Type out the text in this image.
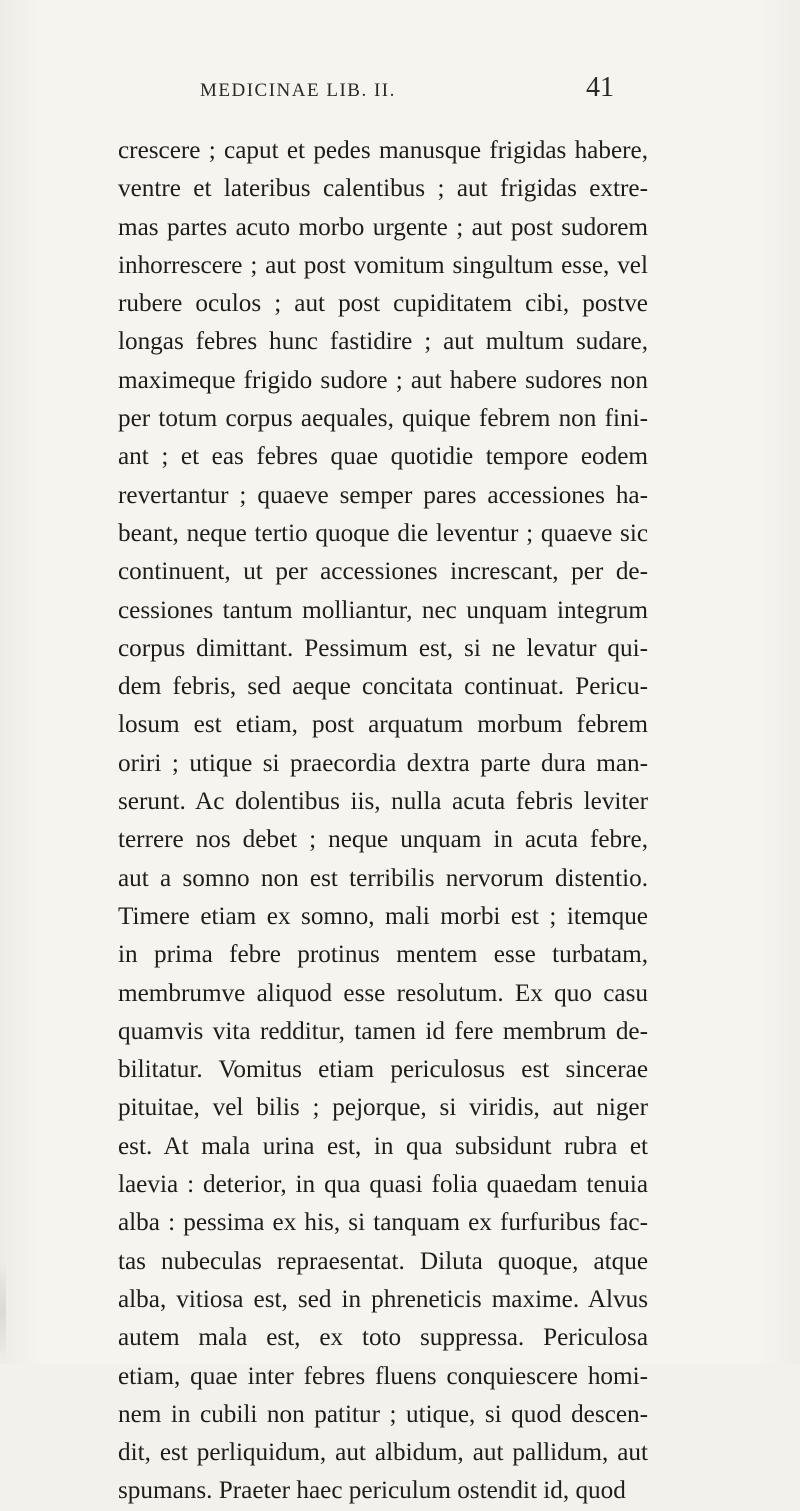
MEDICINAE LIB. II.	41
crescere ; caput et pedes manusque frigidas habere,
ventre et lateribus calentibus ; aut frigidas extre-
mas partes acuto morbo urgente ; aut post sudorem
inhorrescere ; aut post vomitum singultum esse, vel
rubere oculos ; aut post cupiditatem cibi, postve
longas febres hunc fastidire ; aut multum sudare,
maximeque frigido sudore ; aut habere sudores non
per totum corpus aequales, quique febrem non fini-
ant ; et eas febres quae quotidie tempore eodem
revertantur ; quaeve semper pares accessiones ha-
beant, neque tertio quoque die leventur ; quaeve sic
continuent, ut per accessiones increscant, per de-
cessiones tantum molliantur, nec unquam integrum
corpus dimittant. Pessimum est, si ne levatur qui-
dem febris, sed aeque concitata continuat. Pericu-
losum est etiam, post arquatum morbum febrem
oriri ; utique si praecordia dextra parte dura man-
serunt. Ac dolentibus iis, nulla acuta febris leviter
terrere nos debet ; neque unquam in acuta febre,
aut a somno non est terribilis nervorum distentio.
Timere etiam ex somno, mali morbi est ; itemque
in prima febre protinus mentem esse turbatam,
membrumve aliquod esse resolutum. Ex quo casu
quamvis vita redditur, tamen id fere membrum de-
bilitatur. Vomitus etiam periculosus est sincerae
pituitae, vel bilis ; pejorque, si viridis, aut niger
est. At mala urina est, in qua subsidunt rubra et
laevia : deterior, in qua quasi folia quaedam tenuia
alba : pessima ex his, si tanquam ex furfuribus fac-
tas nubeculas repraesentat. Diluta quoque, atque
alba, vitiosa est, sed in phreneticis maxime. Alvus
autem mala est, ex toto suppressa. Periculosa
etiam, quae inter febres fluens conquiescere homi-
nem in cubili non patitur ; utique, si quod descen-
dit, est perliquidum, aut albidum, aut pallidum, aut
spumans. Praeter haec periculum ostendit id, quod
